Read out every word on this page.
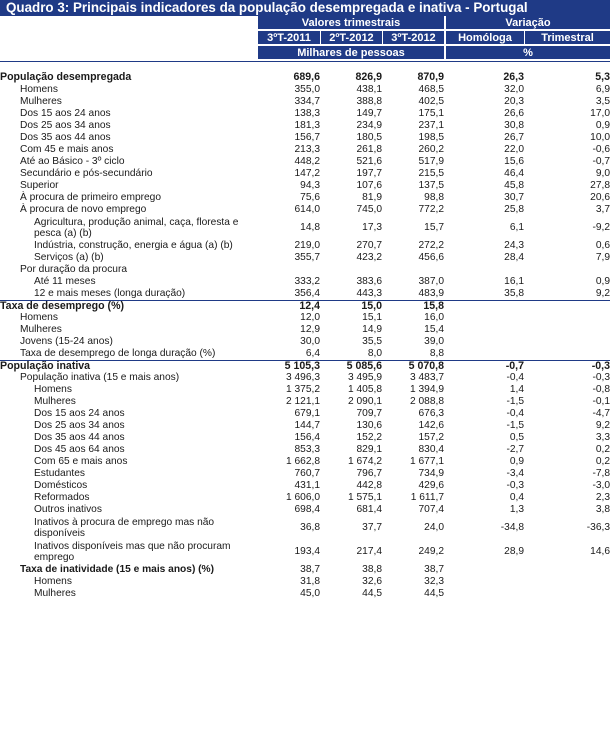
Quadro 3: Principais indicadores da população desempregada e inativa - Portugal
Valores trimestrais	Variação
3ºT-2011	2ºT-2012	3ºT-2012	Homóloga	Trimestral
Milhares de pessoas	%
População desempregada	689,6	826,9	870,9	26,3	5,3
Homens	355,0	438,1	468,5	32,0	6,9
Mulheres	334,7	388,8	402,5	20,3	3,5
Dos 15 aos 24 anos	138,3	149,7	175,1	26,6	17,0
Dos 25 aos 34 anos	181,3	234,9	237,1	30,8	0,9
Dos 35 aos 44 anos	156,7	180,5	198,5	26,7	10,0
Com 45 e mais anos	213,3	261,8	260,2	22,0	-0,6
Até ao Básico - 3º ciclo	448,2	521,6	517,9	15,6	-0,7
Secundário e pós-secundário	147,2	197,7	215,5	46,4	9,0
Superior	94,3	107,6	137,5	45,8	27,8
À procura de primeiro emprego	75,6	81,9	98,8	30,7	20,6
À procura de novo emprego	614,0	745,0	772,2	25,8	3,7
Agricultura, produção animal, caça, floresta e pesca (a) (b)	14,8	17,3	15,7	6,1	-9,2
Indústria, construção, energia e água (a) (b)	219,0	270,7	272,2	24,3	0,6
Serviços (a) (b)	355,7	423,2	456,6	28,4	7,9
Por duração da procura					
Até 11 meses	333,2	383,6	387,0	16,1	0,9
12 e mais meses (longa duração)	356,4	443,3	483,9	35,8	9,2
Taxa de desemprego (%)	12,4	15,0	15,8		
Homens	12,0	15,1	16,0		
Mulheres	12,9	14,9	15,4		
Jovens (15-24 anos)	30,0	35,5	39,0		
Taxa de desemprego de longa duração (%)	6,4	8,0	8,8		
População inativa	5 105,3	5 085,6	5 070,8	-0,7	-0,3
População inativa (15 e mais anos)	3 496,3	3 495,9	3 483,7	-0,4	-0,3
Homens	1 375,2	1 405,8	1 394,9	1,4	-0,8
Mulheres	2 121,1	2 090,1	2 088,8	-1,5	-0,1
Dos 15 aos 24 anos	679,1	709,7	676,3	-0,4	-4,7
Dos 25 aos 34 anos	144,7	130,6	142,6	-1,5	9,2
Dos 35 aos 44 anos	156,4	152,2	157,2	0,5	3,3
Dos 45 aos 64 anos	853,3	829,1	830,4	-2,7	0,2
Com 65 e mais anos	1 662,8	1 674,2	1 677,1	0,9	0,2
Estudantes	760,7	796,7	734,9	-3,4	-7,8
Domésticos	431,1	442,8	429,6	-0,3	-3,0
Reformados	1 606,0	1 575,1	1 611,7	0,4	2,3
Outros inativos	698,4	681,4	707,4	1,3	3,8
Inativos à procura de emprego mas não disponíveis	36,8	37,7	24,0	-34,8	-36,3
Inativos disponíveis mas que não procuram emprego	193,4	217,4	249,2	28,9	14,6
Taxa de inatividade (15 e mais anos) (%)	38,7	38,8	38,7		
Homens	31,8	32,6	32,3		
Mulheres	45,0	44,5	44,5		
